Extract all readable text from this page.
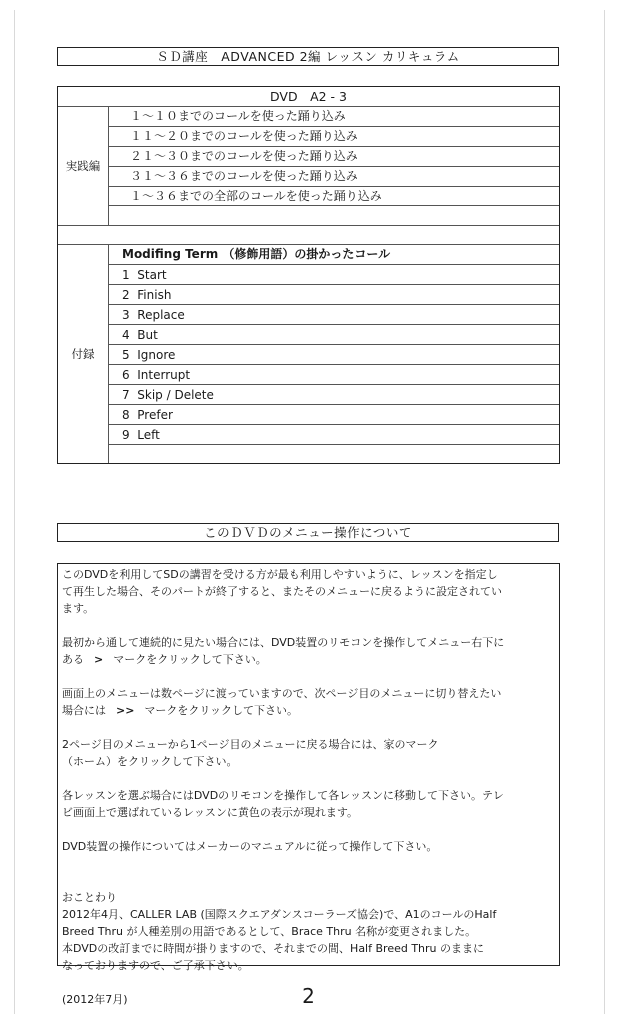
ＳＤ講座　ADVANCED 2編 レッスン カリキュラム
DVD　A2 - 3
実践編
１～１０までのコールを使った踊り込み
１１～２０までのコールを使った踊り込み
２１～３０までのコールを使った踊り込み
３１～３６までのコールを使った踊り込み
１～３６までの全部のコールを使った踊り込み
付録
Modifing Term （修飾用語）の掛かったコール
1  Start
2  Finish
3  Replace
4  But
5  Ignore
6  Interrupt
7  Skip / Delete
8  Prefer
9  Left
このＤＶＤのメニュー操作について

このDVDを利用してSDの講習を受ける方が最も利用しやすいように、レッスンを指定し
て再生した場合、そのパートが終了すると、またそのメニューに戻るように設定されてい
ます。

最初から通して連続的に見たい場合には、DVD装置のリモコンを操作してメニュー右下に
ある > マークをクリックして下さい。

画面上のメニューは数ページに渡っていますので、次ページ目のメニューに切り替えたい
場合には >> マークをクリックして下さい。

2ページ目のメニューから1ページ目のメニューに戻る場合には、家のマーク
（ホーム）をクリックして下さい。

各レッスンを選ぶ場合にはDVDのリモコンを操作して各レッスンに移動して下さい。テレ
ビ画面上で選ばれているレッスンに黄色の表示が現れます。

DVD装置の操作についてはメーカーのマニュアルに従って操作して下さい。

おことわり
2012年4月、CALLER LAB (国際スクエアダンスコーラーズ協会)で、A1のコールのHalf
Breed Thru が人種差別の用語であるとして、Brace Thru 名称が変更されました。
本DVDの改訂までに時間が掛りますので、それまでの間、Half Breed Thru のままに
なっておりますので、ご了承下さい。

(2012年7月)	2
